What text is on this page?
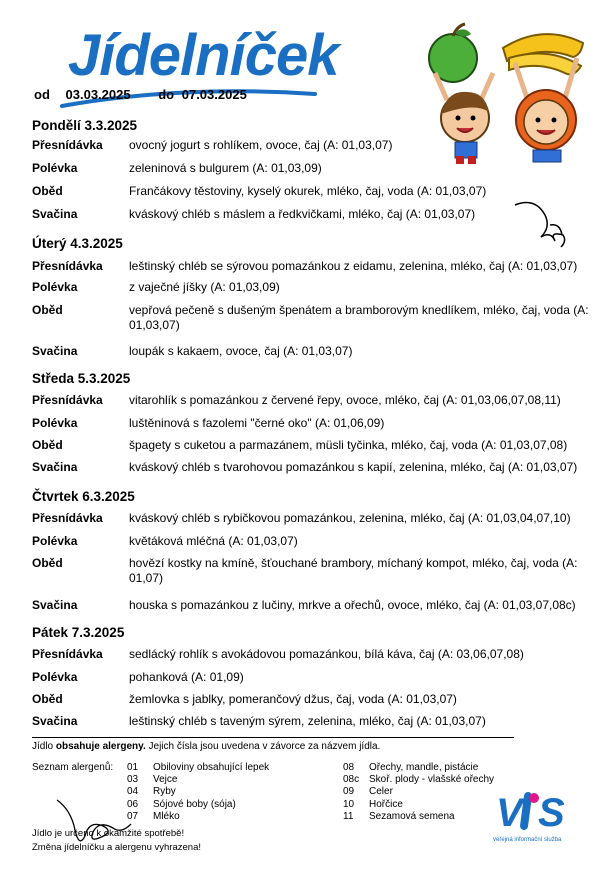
Jídelníček
od 03.03.2025 do 07.03.2025
Pondělí 3.3.2025
Přesnídávka	ovocný jogurt s rohlíkem, ovoce, čaj (A: 01,03,07)
Polévka	zeleninová s bulgurem (A: 01,03,09)
Oběd	Frančákovy těstoviny, kyselý okurek, mléko, čaj, voda (A: 01,03,07)
Svačina	kváskový chléb s máslem a ředkvičkami, mléko, čaj (A: 01,03,07)
Úterý 4.3.2025
Přesnídávka	leštinský chléb se sýrovou pomazánkou z eidamu, zelenina, mléko, čaj (A: 01,03,07)
Polévka	z vaječné jíšky (A: 01,03,09)
Oběd	vepřová pečeně s dušeným špenátem a bramborovým knedlíkem, mléko, čaj, voda (A: 01,03,07)
Svačina	loupák s kakaem, ovoce, čaj (A: 01,03,07)
Středa 5.3.2025
Přesnídávka	vitarohlík s pomazánkou z červené řepy, ovoce, mléko, čaj (A: 01,03,06,07,08,11)
Polévka	luštěninová s fazolemi "černé oko" (A: 01,06,09)
Oběd	špagety s cuketou a parmazánem, müsli tyčinka, mléko, čaj, voda (A: 01,03,07,08)
Svačina	kváskový chléb s tvarohovou pomazánkou s kapií, zelenina, mléko, čaj (A: 01,03,07)
Čtvrtek 6.3.2025
Přesnídávka	kváskový chléb s rybičkovou pomazánkou, zelenina, mléko, čaj (A: 01,03,04,07,10)
Polévka	květáková mléčná (A: 01,03,07)
Oběd	hovězí kostky na kmíně, šťouchané brambory, míchaný kompot, mléko, čaj, voda (A: 01,07)
Svačina	houska s pomazánkou z lučiny, mrkve a ořechů, ovoce, mléko, čaj (A: 01,03,07,08c)
Pátek 7.3.2025
Přesnídávka	sedlácký rohlík s avokádovou pomazánkou, bílá káva, čaj (A: 03,06,07,08)
Polévka	pohanková (A: 01,09)
Oběd	žemlovka s jablky, pomerančový džus, čaj, voda (A: 01,03,07)
Svačina	leštinský chléb s taveným sýrem, zelenina, mléko, čaj (A: 01,03,07)
Jídlo obsahuje alergeny. Jejich čísla jsou uvedena v závorce za názvem jídla.
Seznam alergenů: 01 Obiloviny obsahující lepek
03 Vejce
04 Ryby
06 Sójové boby (sója)
07 Mléko
08 Ořechy, mandle, pistácie
08c Skoř. plody - vlašské ořechy
09 Celer
10 Hořčice
11 Sezamová semena
Jídlo je určeno k okamžité spotřebě!
Změna jídelníčku a alergenu vyhrazena!
V S
veřejná informační služba
